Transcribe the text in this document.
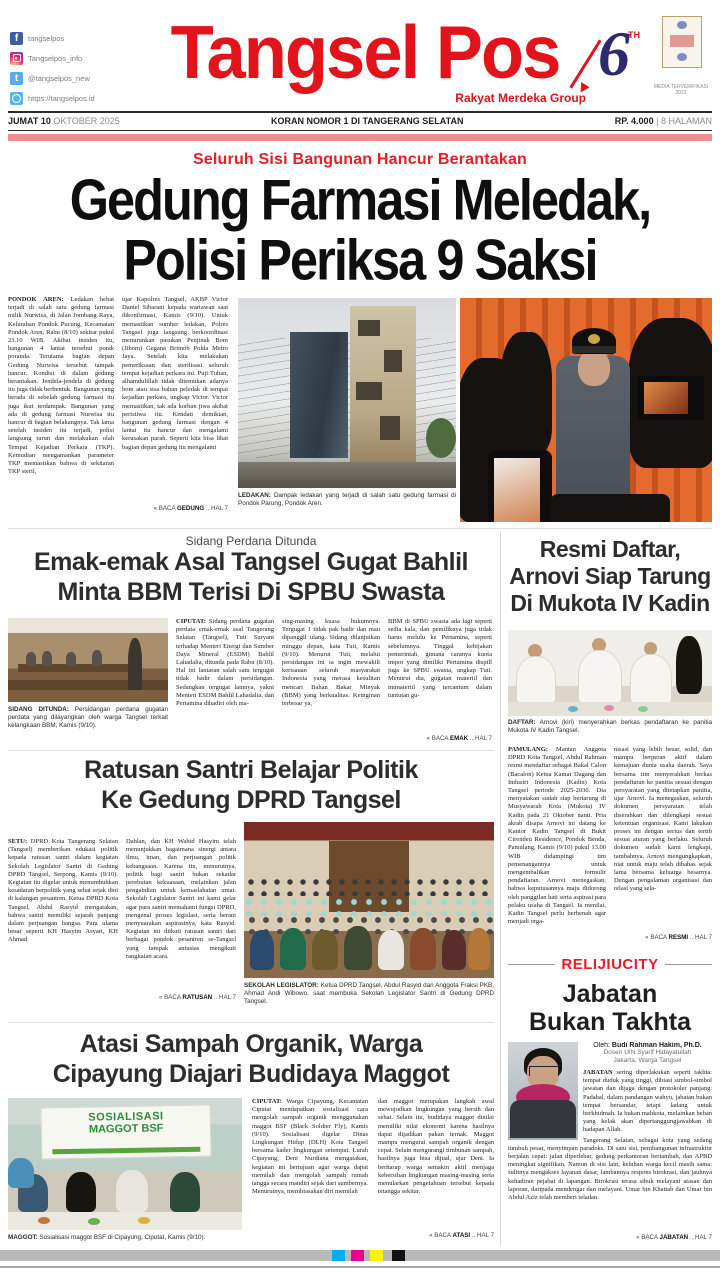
f	tangselpos
Tangselpos_info
t	@tangselpos_new
https://tangselpos.id
Tangsel Pos
Rakyat Merdeka Group
6
TH
MEDIA TERVERIFIKASI 2023
JUMAT 10 OKTOBER 2025	KORAN NOMOR 1 DI TANGERANG SELATAN	RP. 4.000 | 8 HALAMAN
Seluruh Sisi Bangunan Hancur Berantakan
Gedung Farmasi Meledak,
Polisi Periksa 9 Saksi
PONDOK AREN: Ledakan hebat terjadi di salah satu gedung farmasi milik Nurwisa, di Jalan Jombang Raya, Kelurahan Pondok Pucung, Kecamatan Pondok Aren, Rabu (8/10) sekitar pukul 23.10 WIB. Akibat insiden itu, bangunan 4 lantai tersebut porak poranda. Terutama bagian depan Gedung Nurwisa tersebut tampak hancur. Kondisi di dalam gedung berantakan. Jendela-jendela di gedung itu juga tidak berbentuk. Bangunan yang berada di sebelah gedung farmasi itu juga ikut terdampak. Bangunan yang ada di gedung farmasi Nurwisa itu hancur di bagian belakangnya. Tak lama setelah insiden itu terjadi, polisi langsung turun dan melakukan olah Tempat Kejadian Perkara (TKP). Kemudian mengamankan parameter TKP memastikan bahwa di sekitaran TKP steril,
ujar Kapolres Tangsel, AKBP Victor Daniel Sibarani kepada wartawan saat dikonfirmasi, Kamis (9/10). Untuk memastikan sumber ledakan, Polres Tangsel juga langsung berkoordinasi menurunkan pasukan Penjinak Bom (Jibom) Gegana Brimob Polda Metro Jaya. Setelah kita melakukan pemeriksaan dan sterilisasi seluruh tempat kejadian perkara ini. Puji Tuhan, alhamdulillah tidak ditemukan adanya bom atau sisa bahan peledak di tempat kejadian perkara, ungkap Victor. Victor memastikan, tak ada korban jiwa akibat peristiwa itu. Kendati demikian, bangunan gedung farmasi dengan 4 lantai itu hancur dan mengalami kerusakan parah. Seperti kita bisa lihat bagian depan gedung itu mengalami
« BACA GEDUNG .. HAL 7
LEDAKAN: Dampak ledakan yang terjadi di salah satu gedung farmasi di Pondok Parung, Pondok Aren.
Sidang Perdana Ditunda
Emak-emak Asal Tangsel Gugat Bahlil
Minta BBM Terisi Di SPBU Swasta
SIDANG DITUNDA: Persidangan perdana gugatan perdata yang dilayangkan oleh warga Tangsel terkait kelangkaan BBM, Kamis (9/10).
CIPUTAT: Sidang perdana gugatan perdata emak-emak asal Tangerang Selatan (Tangsel), Tuti Suryani terhadap Menteri Energi dan Sumber Daya Mineral (ESDM) Bahlil Lahadalia, ditunda pada Rabu (8/10). Hal ini lantaran salah satu tergugat tidak hadir dalam persidangan. Sedangkan tergugat lainnya, yakni Menteri ESDM Bahlil Lahadalia, dan Pertamina dihadiri oleh ma-
sing-masing kuasa hukumnya. Tergugat 1 tidak pak hadir dan mau dipanggil ulang. Sidang dilanjutkan minggu depan, kata Tuti, Kamis (9/10). Menurut Tuti, melalui persidangan ini ia ingin mewakili kerisauan seluruh masyarakat Indonesia yang merasa kesulitan mencari Bahan Bakar Minyak (BBM) yang berkualitas. Keinginan terbesar ya,
BBM di SPBU swasta ada lagi seperti sedia kala, dan pemiliknya juga tidak harus melulu ke Pertamina, seperti sebelumnya. Tinggal kebijakan pemerintah, gimana caranya kuota impor yang dimiliki Pertamina dispill juga ke SPBU swasta, ungkap Tuti. Menurut dia, gugatan materiil dan immateriil yang tercantum dalam tuntutan gu-
« BACA EMAK .. HAL 7
Resmi Daftar,
Arnovi Siap Tarung
Di Mukota IV Kadin
DAFTAR: Arnovi (kiri) menyerahkan berkas pendaftaran ke panitia Mukota IV Kadin Tangsel.
PAMULANG: Mantan Anggota DPRD Kota Tangsel, Abdul Rahman resmi mendaftar sebagai Bakal Calon (Bacalon) Ketua Kamar Dagang dan Industri Indonesia (Kadin) Kota Tangsel periode 2025-2030. Dia menyatakan sudah siap bertarung di Musyawarah Kota (Mukota) IV Kadin pada 21 Oktober nanti. Pria akrab disapa Arnovi ini datang ke Kantor Kadin Tangsel di Bukit Cirendeu Residence, Pondok Benda, Pamulang, Kamis (9/10) pukul 13.00 WIB didampingi tim pemenangannya untuk mengembalikan formulir pendaftaran. Arnovi menegaskan, bahwa keputusannya maju didorong oleh panggilan hati serta aspirasi para pelaku usaha di Tangsel. Ia menilai, Kadin Tangsel perlu berbenah agar menjadi orga-
nisasi yang lebih besar, solid, dan mampu berperan aktif dalam kemajuan dunia usaha daerah. Saya bersama tim menyerahkan berkas pendaftaran ke panitia sesuai dengan persyaratan yang ditetapkan panitia, ujar Arnovi. Ia menegaskan, seluruh dokumen persyaratan telah diserahkan dan dilengkapi sesuai ketentuan organisasi. Kami lakukan proses ini dengan serius dan tertib sesuai aturan yang berlaku. Seluruh dokumen sudah kami lengkapi, tambahnya. Arnovi mengungkapkan, niat untuk maju telah dibahas sejak lama bersama keluarga besarnya. Dengan pengalaman organisasi dan relasi yang sela-
« BACA RESMI .. HAL 7
Ratusan Santri Belajar Politik
Ke Gedung DPRD Tangsel
SETU: DPRD Kota Tangerang Selatan (Tangsel) memberikan edukasi politik kepada ratusan santri dalam kegiatan Sekolah Legislator Santri di Gedung DPRD Tangsel, Serpong, Kamis (9/10). Kegiatan itu digelar untuk menumbuhkan kesadaran berpolitik yang sehat sejak dini di kalangan pesantren. Ketua DPRD Kota Tangsel, Abdul Rasyid mengatakan, bahwa santri memiliki sejarah panjang dalam perjuangan bangsa. Para ulama besar seperti KH Hasyim Asyari, KH Ahmad
Dahlan, dan KH Wahid Hasyim telah menunjukkan bagaimana sinergi antara ilmu, iman, dan perjuangan politik kebangsaan. Karena itu, menurutnya, politik bagi santri bukan sekadar perebutan kekuasaan, melainkan jalan pengabdian untuk kemaslahatan umat. Sekolah Legislator Santri ini kami gelar agar para santri memahami fungsi DPRD, mengenal proses legislasi, serta berani menyuarakan aspirasinya, kata Rasyid. Kegiatan ini diikuti ratusan santri dari berbagai pondok pesantren se-Tangsel yang tampak antusias mengikuti rangkaian acara.
« BACA RATUSAN .. HAL 7
SEKOLAH LEGISLATOR: Ketua DPRD Tangsel, Abdul Rasyid dan Anggota Fraksi PKB, Ahmad Andi Wibowo, saat membuka Sekolah Legislator Santri di Gedung DPRD Tangsel.
Atasi Sampah Organik, Warga
Cipayung Diajari Budidaya Maggot
SOSIALISASI
MAGGOT BSF
MAGGOT: Sosialisasi maggot BSF di Cipayung, Ciputat, Kamis (9/10).
CIPUTAT: Warga Cipayung, Kecamatan Ciputat mendapatkan sosialisasi cara mengolah sampah organik menggunakan maggot BSF (Black Soldier Fly), Kamis (9/10). Sosialisasi digelar Dinas Lingkungan Hidup (DLH) Kota Tangsel bersama kader lingkungan setempat. Lurah Cipayung, Deni Nurdiana mengatakan, kegiatan ini bertujuan agar warga dapat memilah dan mengolah sampah rumah tangga secara mandiri sejak dari sumbernya. Menurutnya, membiasakan diri memilah
dan maggot merupakan langkah awal mewujudkan lingkungan yang bersih dan sehat. Selain itu, budidaya maggot dinilai memiliki nilai ekonomi karena hasilnya dapat dijadikan pakan ternak. Maggot mampu mengurai sampah organik dengan cepat. Selain mengurangi timbunan sampah, hasilnya juga bisa dijual, ujar Deni. Ia berharap warga semakin aktif menjaga kebersihan lingkungan masing-masing serta menularkan pengetahuan tersebut kepada tetangga sekitar.
« BACA ATASI .. HAL 7
RELIJIUCITY
Jabatan
Bukan Takhta
Oleh: Budi Rahman Hakim, Ph.D.
Dosen UIN Syarif Hidayatullah
Jakarta, Warga Tangsel
JABATAN sering diperlakukan seperti takhta: tempat duduk yang tinggi, dihiasi simbol-simbol jawatan dan dijaga dengan protokoler panjang. Padahal, dalam pandangan wahyu, jabatan bukan tempat bersandar, tetapi ladang untuk berkhidmah. Ia bukan mahkota, melainkan beban yang kelak akan dipertanggungjawabkan di hadapan Allah.
Tangerang Selatan, sebagai kota yang sedang tumbuh pesat, menyimpan paradoks. Di satu sisi, pembangunan infrastruktur berjalan cepat: jalan diperlebar, gedung perkantoran bertambah, dan APBD meningkat signifikan. Namun di sisi lain, keluhan warga kecil masih sama: sulitnya mengakses layanan dasar, lambannya respons birokrasi, dan jauhnya kehadiran pejabat di lapangan. Birokrasi terasa sibuk melayani atasan dan laporan, daripada mendengar dan melayani. Umar bin Khattab dan Umar bin Abdul Aziz telah memberi teladan.
« BACA JABATAN .. HAL 7
